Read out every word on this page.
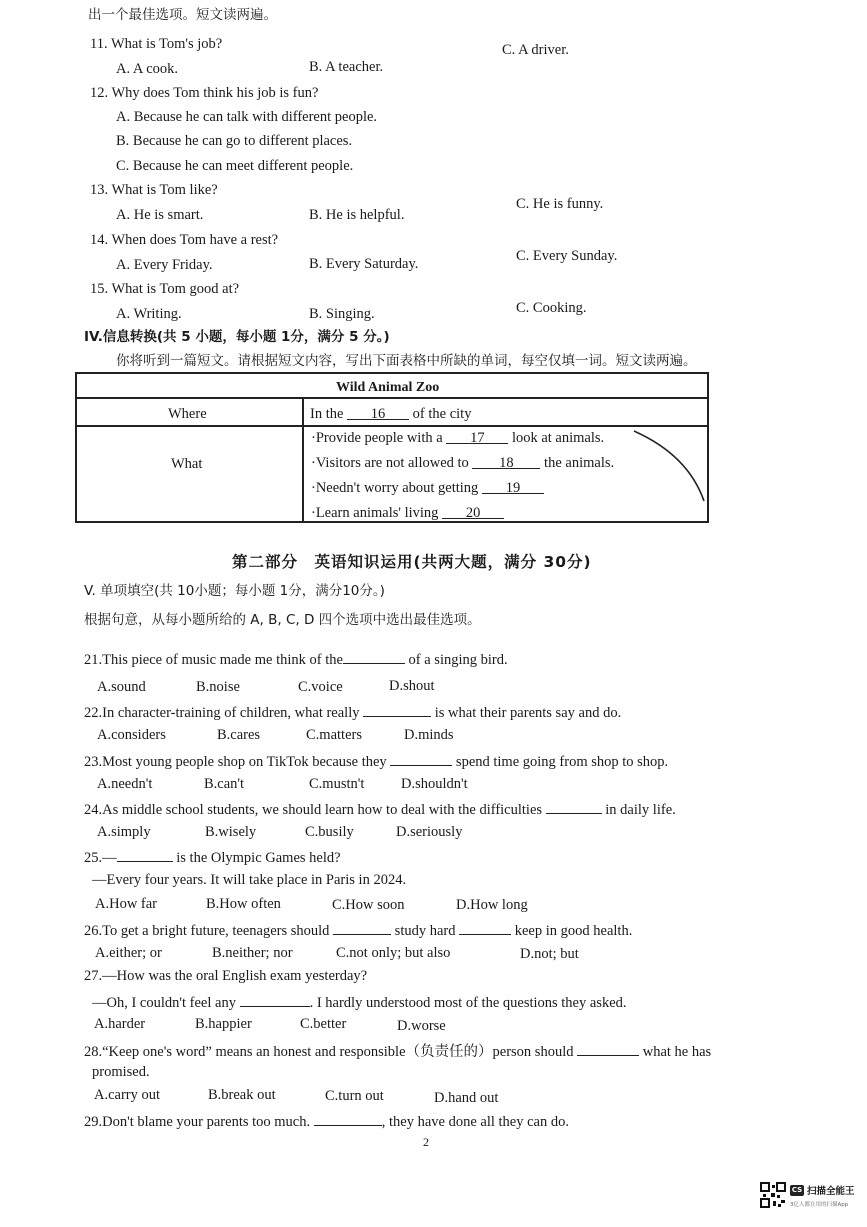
出一个最佳选项。短文读两遍。
11. What is Tom's job?
A. A cook.	B. A teacher.
C. A driver.
12. Why does Tom think his job is fun?
A. Because he can talk with different people.
B. Because he can go to different places.
C. Because he can meet different people.
13. What is Tom like?
A. He is smart.	B. He is helpful.
C. He is funny.
14. When does Tom have a rest?
A. Every Friday.	B. Every Saturday.	C. Every Sunday.
15. What is Tom good at?
A. Writing.	B. Singing.	C. Cooking.
IV.信息转换(共 5 小题，每小题 1分，满分 5 分。)
你将听到一篇短文。请根据短文内容，写出下面表格中所缺的单词，每空仅填一词。短文读两遍。
Wild Animal Zoo
Where	In the 16 of the city
What
·Provide people with a 17 look at animals.
·Visitors are not allowed to 18 the animals.
·Needn't worry about getting 19
·Learn animals' living 20
第二部分　英语知识运用(共两大题，满分 30分)
V. 单项填空(共 10小题；每小题 1分，满分10分。)
根据句意，从每小题所给的 A, B, C, D 四个选项中选出最佳选项。
21.This piece of music made me think of the	of a singing bird.
A.sound	B.noise	C.voice	D.shout
22.In character-training of children, what really	is what their parents say and do.
A.considers	B.cares	C.matters	D.minds
23.Most young people shop on TikTok because they	spend time going from shop to shop.
A.needn't	B.can't	C.mustn't	D.shouldn't
24.As middle school students, we should learn how to deal with the difficulties	in daily life.
A.simply	B.wisely	C.busily	D.seriously
25.—	is the Olympic Games held?
—Every four years. It will take place in Paris in 2024.
A.How far	B.How often	C.How soon	D.How long
26.To get a bright future, teenagers should	study hard	keep in good health.
A.either; or	B.neither; nor	C.not only; but also	D.not; but
27.—How was the oral English exam yesterday?
—Oh, I couldn't feel any	. I hardly understood most of the questions they asked.
A.harder	B.happier	C.better	D.worse
28.“Keep one's word” means an honest and responsible（负责任的）person should	what he has
promised.
A.carry out	B.break out	C.turn out	D.hand out
29.Don't blame your parents too much.	, they have done all they can do.
2
CS 扫描全能王
3亿人都在用的扫描App
